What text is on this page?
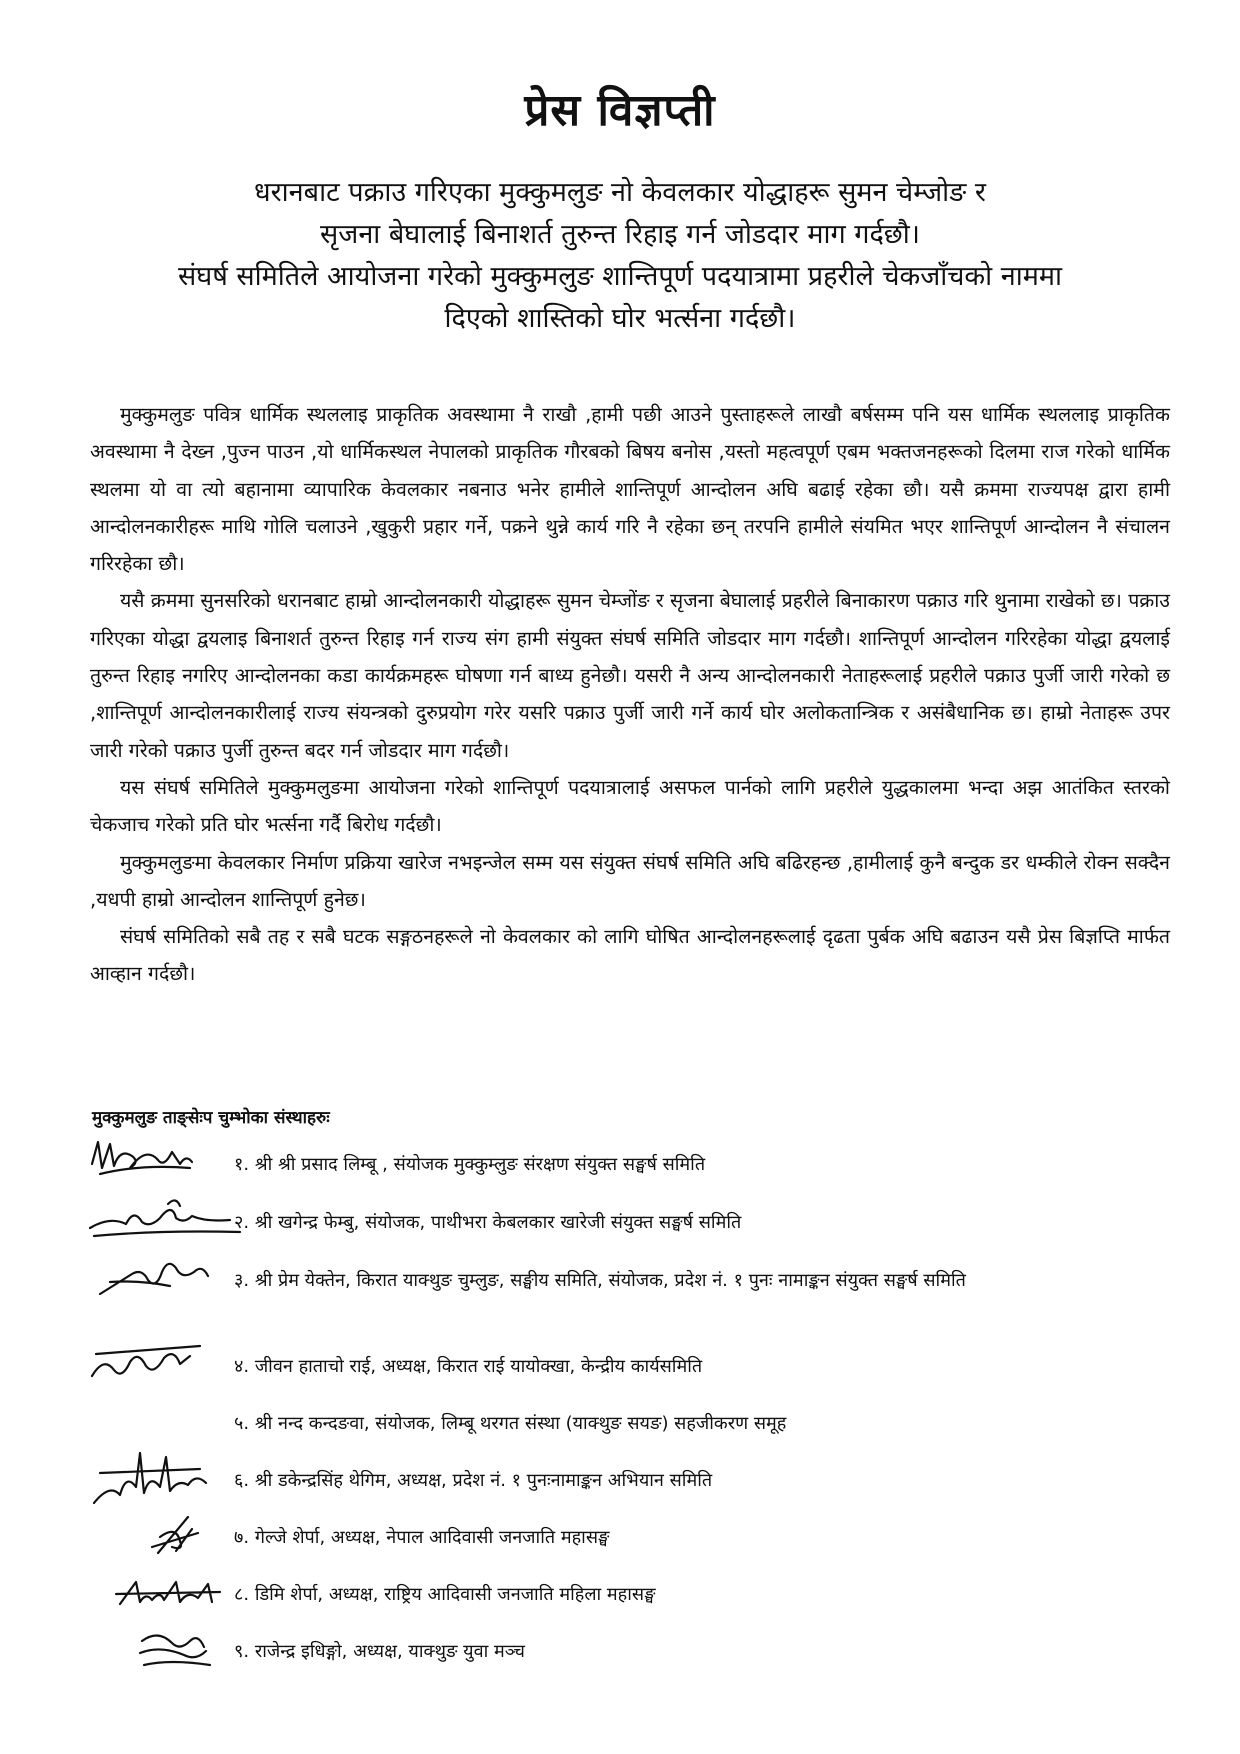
प्रेस विज्ञप्ती
धरानबाट पक्राउ गरिएका मुक्कुमलुङ नो केवलकार योद्धाहरू सुमन चेम्जोङ र
सृजना बेघालाई बिनाशर्त तुरुन्त रिहाइ गर्न जोडदार माग गर्दछौ।
संघर्ष समितिले आयोजना गरेको मुक्कुमलुङ शान्तिपूर्ण पदयात्रामा प्रहरीले चेकजाँचको नाममा
दिएको शास्तिको घोर भर्त्सना गर्दछौ।

मुक्कुमलुङ पवित्र धार्मिक स्थललाइ प्राकृतिक अवस्थामा नै राखौ ,हामी पछी आउने पुस्ताहरूले लाखौ बर्षसम्म पनि यस धार्मिक स्थललाइ प्राकृतिक अवस्थामा नै देख्न ,पुज्न पाउन ,यो धार्मिकस्थल नेपालको प्राकृतिक गौरबको बिषय बनोस ,यस्तो महत्वपूर्ण एबम भक्तजनहरूको दिलमा राज गरेको धार्मिक स्थलमा यो वा त्यो बहानामा व्यापारिक केवलकार नबनाउ भनेर हामीले शान्तिपूर्ण आन्दोलन अघि बढाई रहेका छौ। यसै क्रममा राज्यपक्ष द्वारा हामी आन्दोलनकारीहरू माथि गोलि चलाउने ,खुकुरी प्रहार गर्ने, पक्रने थुन्ने कार्य गरि नै रहेका छन् तरपनि हामीले संयमित भएर शान्तिपूर्ण आन्दोलन नै संचालन गरिरहेका छौ।

यसै क्रममा सुनसरिको धरानबाट हाम्रो आन्दोलनकारी योद्धाहरू सुमन चेम्जोंङ र सृजना बेघालाई प्रहरीले बिनाकारण पक्राउ गरि थुनामा राखेको छ। पक्राउ गरिएका योद्धा द्वयलाइ बिनाशर्त तुरुन्त रिहाइ गर्न राज्य संग हामी संयुक्त संघर्ष समिति जोडदार माग गर्दछौ। शान्तिपूर्ण आन्दोलन गरिरहेका योद्धा द्वयलाई तुरुन्त रिहाइ नगरिए आन्दोलनका कडा कार्यक्रमहरू घोषणा गर्न बाध्य हुनेछौ। यसरी नै अन्य आन्दोलनकारी नेताहरूलाई प्रहरीले पक्राउ पुर्जी जारी गरेको छ ,शान्तिपूर्ण आन्दोलनकारीलाई राज्य संयन्त्रको दुरुप्रयोग गरेर यसरि पक्राउ पुर्जी जारी गर्ने कार्य घोर अलोकतान्त्रिक र असंबैधानिक छ। हाम्रो नेताहरू उपर जारी गरेको पक्राउ पुर्जी तुरुन्त बदर गर्न जोडदार माग गर्दछौ।

यस संघर्ष समितिले मुक्कुमलुङमा आयोजना गरेको शान्तिपूर्ण पदयात्रालाई असफल पार्नको लागि प्रहरीले युद्धकालमा भन्दा अझ आतंकित स्तरको चेकजाच गरेको प्रति घोर भर्त्सना गर्दै बिरोध गर्दछौ।

मुक्कुमलुङमा केवलकार निर्माण प्रक्रिया खारेज नभइन्जेल सम्म यस संयुक्त संघर्ष समिति अघि बढिरहन्छ ,हामीलाई कुनै बन्दुक डर धम्कीले रोक्न सक्दैन ,यधपी हाम्रो आन्दोलन शान्तिपूर्ण हुनेछ।

संघर्ष समितिको सबै तह र सबै घटक सङ्गठनहरूले नो केवलकार को लागि घोषित आन्दोलनहरूलाई दृढता पुर्बक अघि बढाउन यसै प्रेस बिज्ञप्ति मार्फत आव्हान गर्दछौ।

मुक्कुमलुङ ताङ्सेःप चुम्भोका संस्थाहरुः
१. श्री श्री प्रसाद लिम्बू , संयोजक मुक्कुम्लुङ संरक्षण संयुक्त सङ्घर्ष समिति
२. श्री खगेन्द्र फेम्बु, संयोजक, पाथीभरा केबलकार खारेजी संयुक्त सङ्घर्ष समिति
३. श्री प्रेम येक्तेन, किरात याक्थुङ चुम्लुङ, सङ्घीय समिति, संयोजक, प्रदेश नं. १ पुनः नामाङ्कन संयुक्त सङ्घर्ष समिति
४. जीवन हाताचो राई, अध्यक्ष, किरात राई यायोक्खा, केन्द्रीय कार्यसमिति
५. श्री नन्द कन्दङवा, संयोजक, लिम्बू थरगत संस्था (याक्थुङ सयङ) सहजीकरण समूह
६. श्री डकेन्द्रसिंह थेगिम, अध्यक्ष, प्रदेश नं. १ पुनःनामाङ्कन अभियान समिति
७. गेल्जे शेर्पा, अध्यक्ष, नेपाल आदिवासी जनजाति महासङ्घ
८. डिमि शेर्पा, अध्यक्ष, राष्ट्रिय आदिवासी जनजाति महिला महासङ्घ
९. राजेन्द्र इधिङ्गो, अध्यक्ष, याक्थुङ युवा मञ्च
